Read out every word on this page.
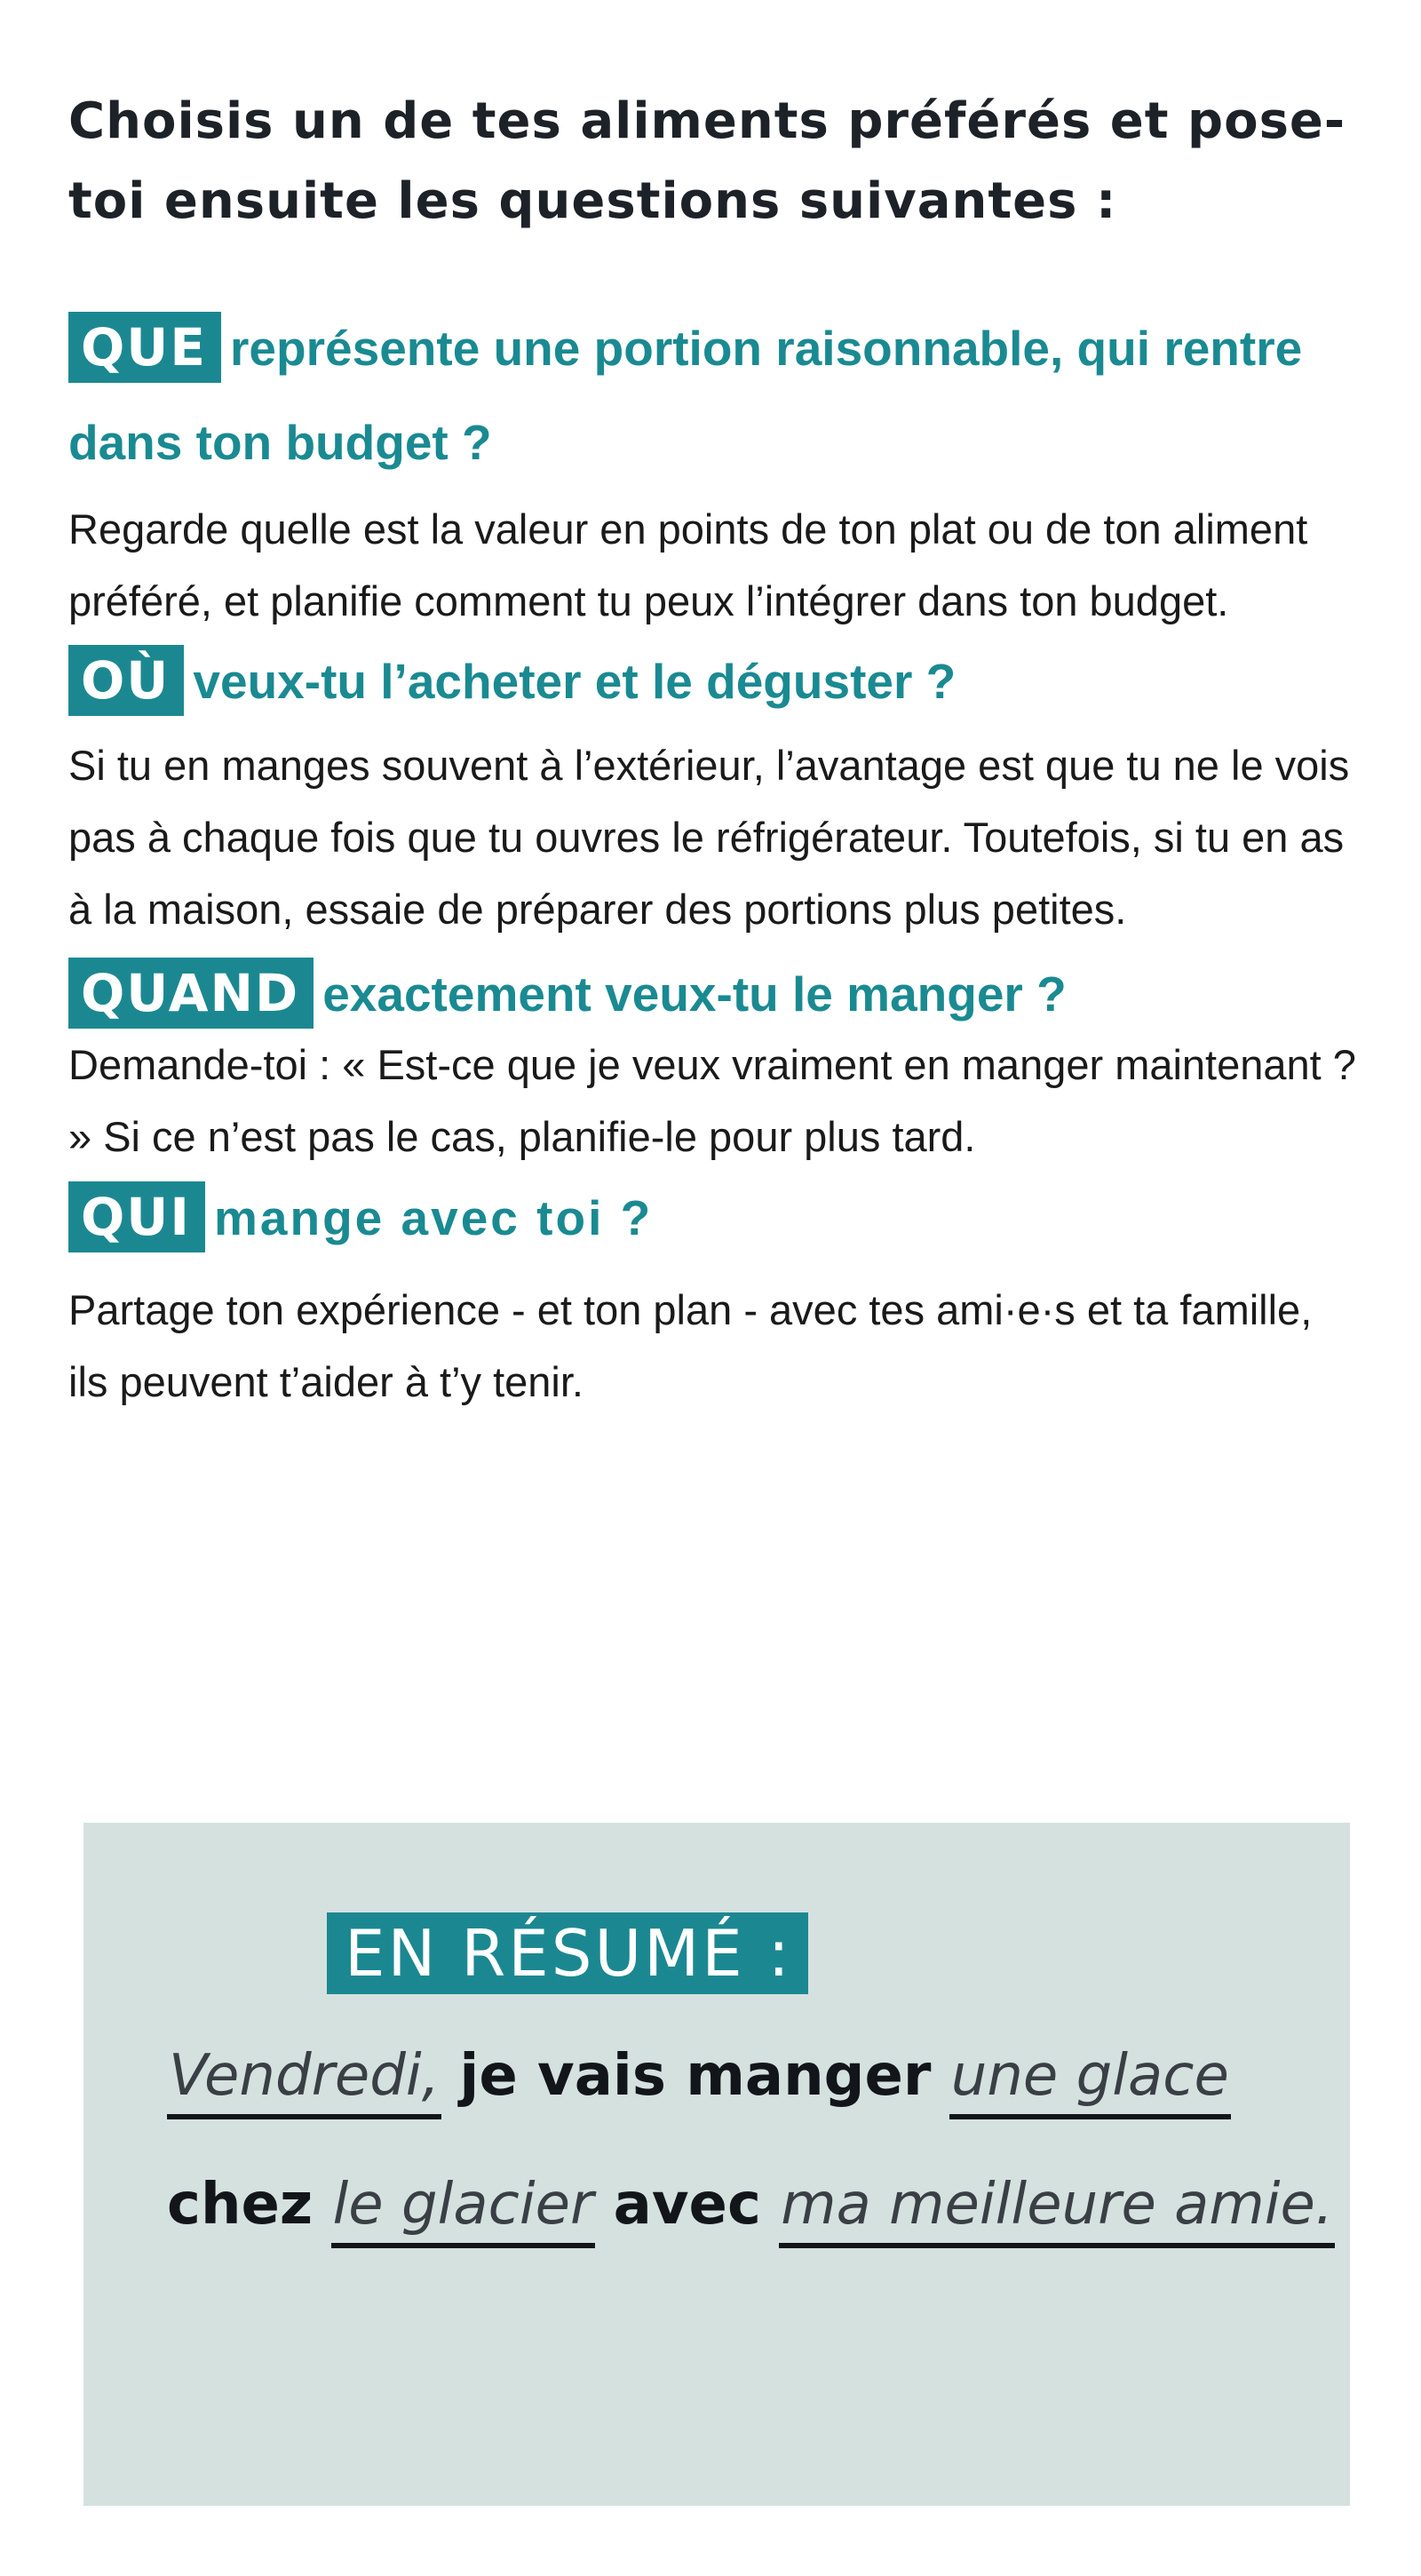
Choisis un de tes aliments préférés et pose-toi ensuite les questions suivantes :

QUE représente une portion raisonnable, qui rentre dans ton budget ?

Regarde quelle est la valeur en points de ton plat ou de ton aliment préféré, et planifie comment tu peux l’intégrer dans ton budget.

OÙ veux-tu l’acheter et le déguster ?

Si tu en manges souvent à l’extérieur, l’avantage est que tu ne le vois pas à chaque fois que tu ouvres le réfrigérateur. Toutefois, si tu en as à la maison, essaie de préparer des portions plus petites.

QUAND exactement veux-tu le manger ?

Demande-toi : « Est-ce que je veux vraiment en manger maintenant ? » Si ce n’est pas le cas, planifie-le pour plus tard.

QUI mange avec toi ?

Partage ton expérience - et ton plan - avec tes ami·e·s et ta famille, ils peuvent t’aider à t’y tenir.

EN RÉSUMÉ :
Vendredi, je vais manger une glace
chez le glacier avec ma meilleure amie.
